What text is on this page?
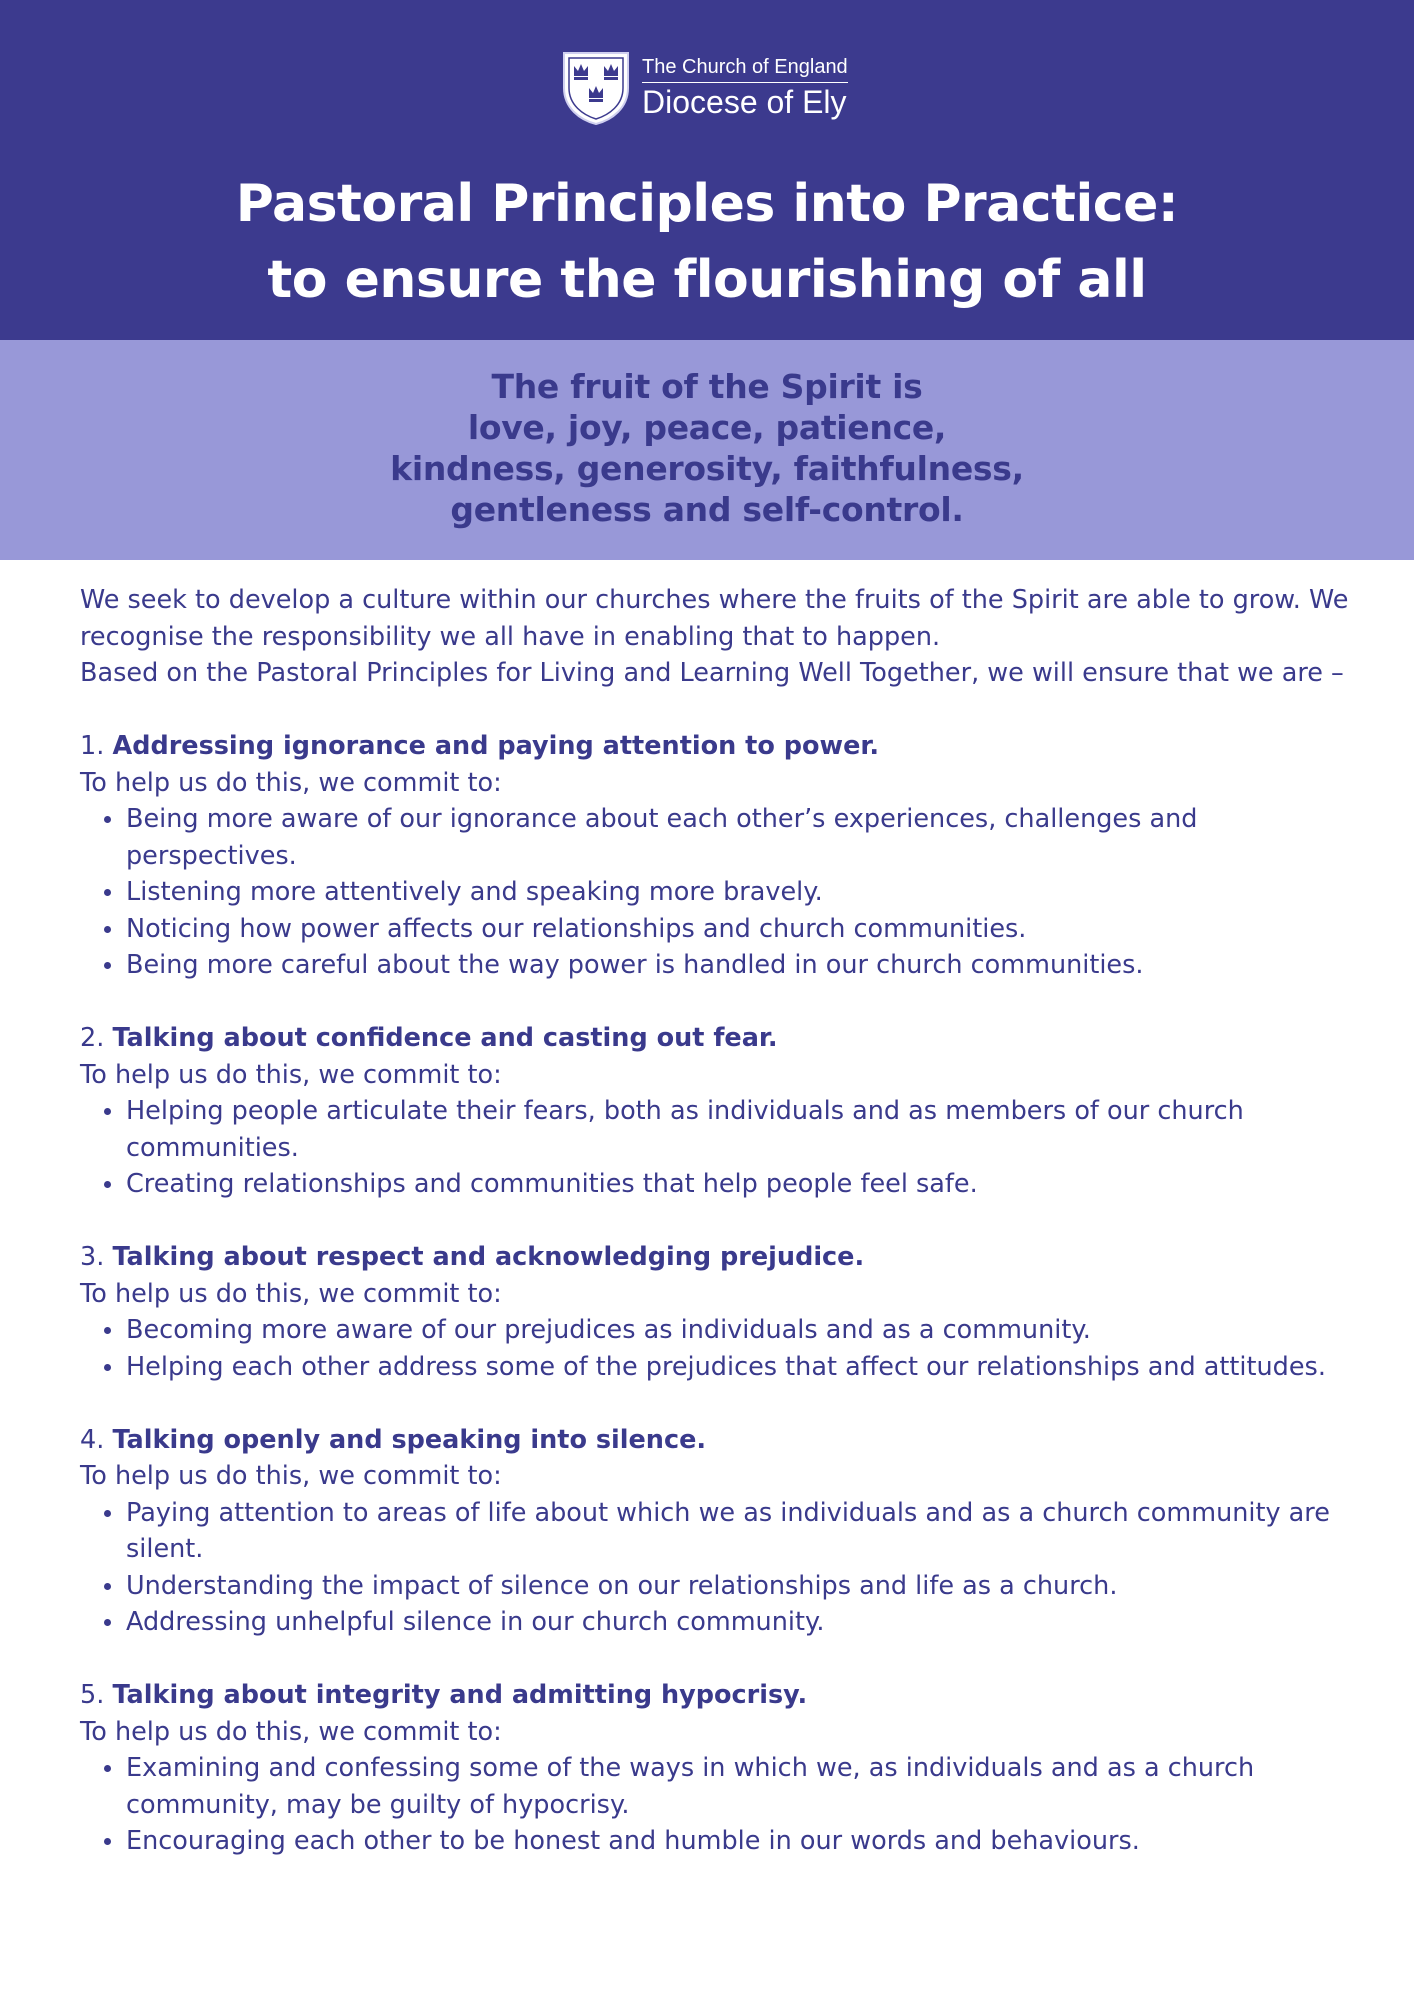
The Church of England
Diocese of Ely
Pastoral Principles into Practice:
to ensure the flourishing of all
The fruit of the Spirit is
love, joy, peace, patience,
kindness, generosity, faithfulness,
gentleness and self-control.

We seek to develop a culture within our churches where the fruits of the Spirit are able to grow. We recognise the responsibility we all have in enabling that to happen.

Based on the Pastoral Principles for Living and Learning Well Together, we will ensure that we are –

1. Addressing ignorance and paying attention to power.
To help us do this, we commit to:
Being more aware of our ignorance about each other’s experiences, challenges and perspectives.
Listening more attentively and speaking more bravely.
Noticing how power affects our relationships and church communities.
Being more careful about the way power is handled in our church communities.
2. Talking about confidence and casting out fear.
To help us do this, we commit to:
Helping people articulate their fears, both as individuals and as members of our church communities.
Creating relationships and communities that help people feel safe.
3. Talking about respect and acknowledging prejudice.
To help us do this, we commit to:
Becoming more aware of our prejudices as individuals and as a community.
Helping each other address some of the prejudices that affect our relationships and attitudes.
4. Talking openly and speaking into silence.
To help us do this, we commit to:
Paying attention to areas of life about which we as individuals and as a church community are silent.
Understanding the impact of silence on our relationships and life as a church.
Addressing unhelpful silence in our church community.
5. Talking about integrity and admitting hypocrisy.
To help us do this, we commit to:
Examining and confessing some of the ways in which we, as individuals and as a church community, may be guilty of hypocrisy.
Encouraging each other to be honest and humble in our words and behaviours.
